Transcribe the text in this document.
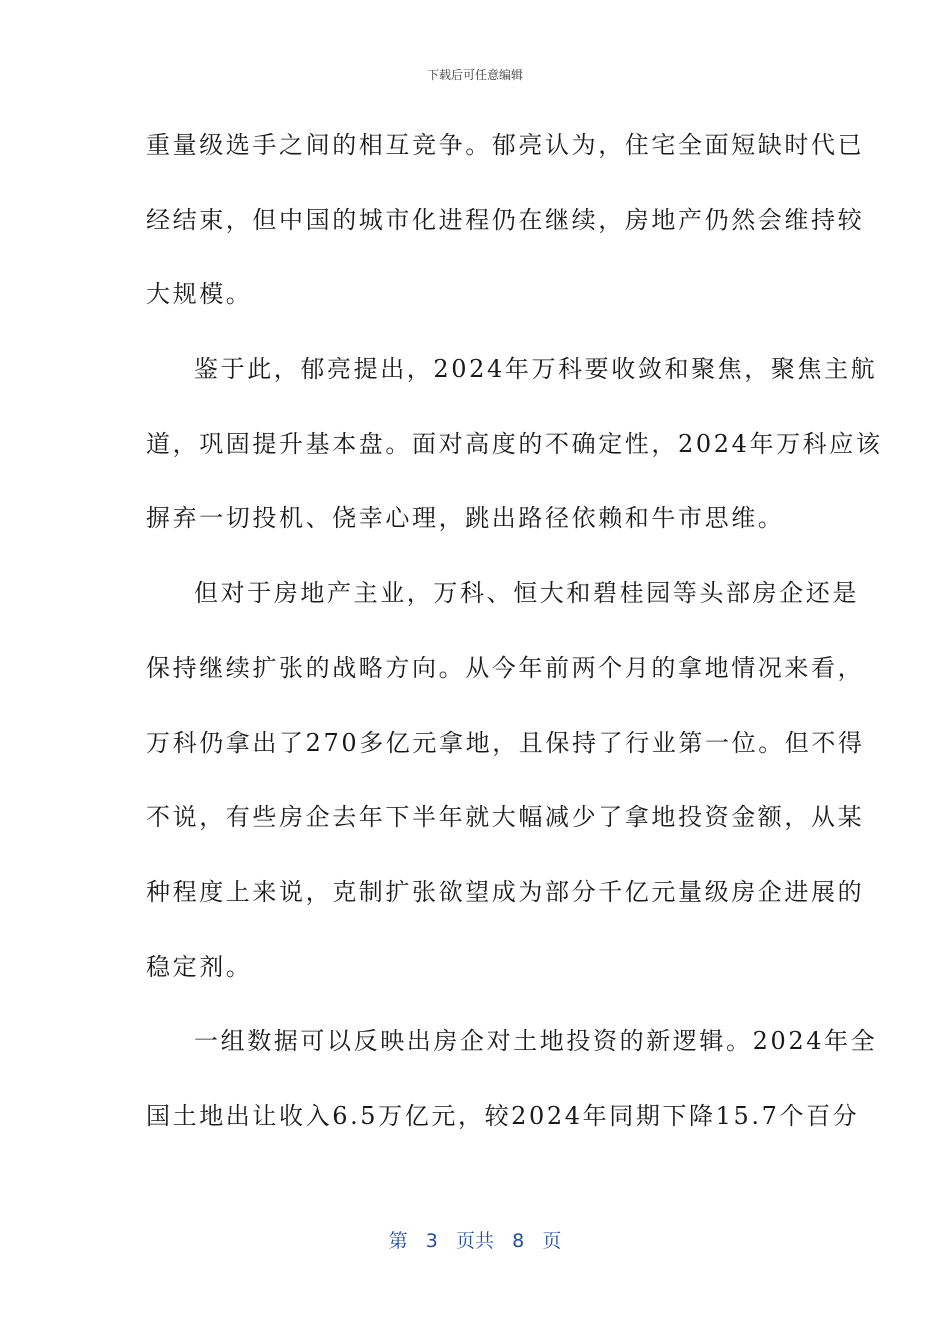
下载后可任意编辑
重量级选手之间的相互竞争。郁亮认为，住宅全面短缺时代已
经结束，但中国的城市化进程仍在继续，房地产仍然会维持较
大规模。
鉴于此，郁亮提出，2024年万科要收敛和聚焦，聚焦主航
道，巩固提升基本盘。面对高度的不确定性，2024年万科应该
摒弃一切投机、侥幸心理，跳出路径依赖和牛市思维。
但对于房地产主业，万科、恒大和碧桂园等头部房企还是
保持继续扩张的战略方向。从今年前两个月的拿地情况来看，
万科仍拿出了270多亿元拿地，且保持了行业第一位。但不得
不说，有些房企去年下半年就大幅减少了拿地投资金额，从某
种程度上来说，克制扩张欲望成为部分千亿元量级房企进展的
稳定剂。
一组数据可以反映出房企对土地投资的新逻辑。2024年全
国土地出让收入6.5万亿元，较2024年同期下降15.7个百分
第 3 页共 8 页
